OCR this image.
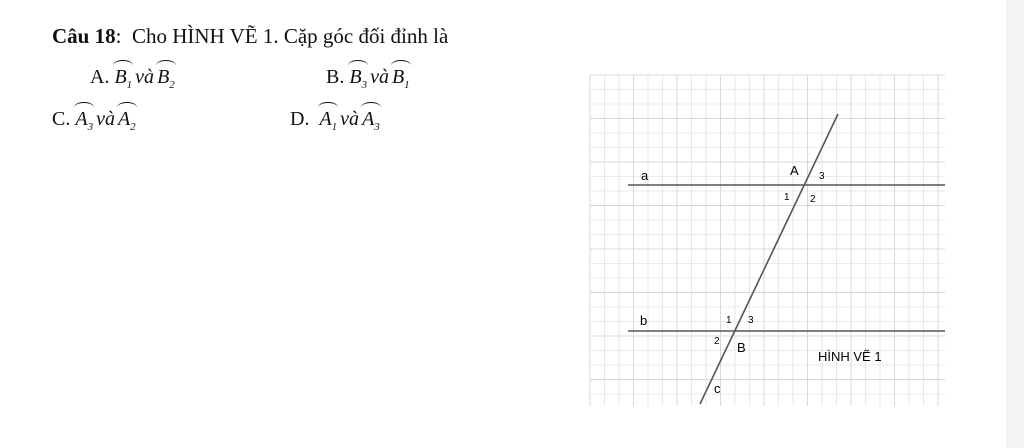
Câu 18: Cho HÌNH VẼ 1. Cặp góc đối đỉnh là
A. $B_1$ và $B_2$	B. $B_3$ và $B_1$
C. $A_3$ và $A_2$	D. $A_1$ và $A_3$
a
b
c
A
B
1 2
3
1
2
3
HÌNH VẼ 1
